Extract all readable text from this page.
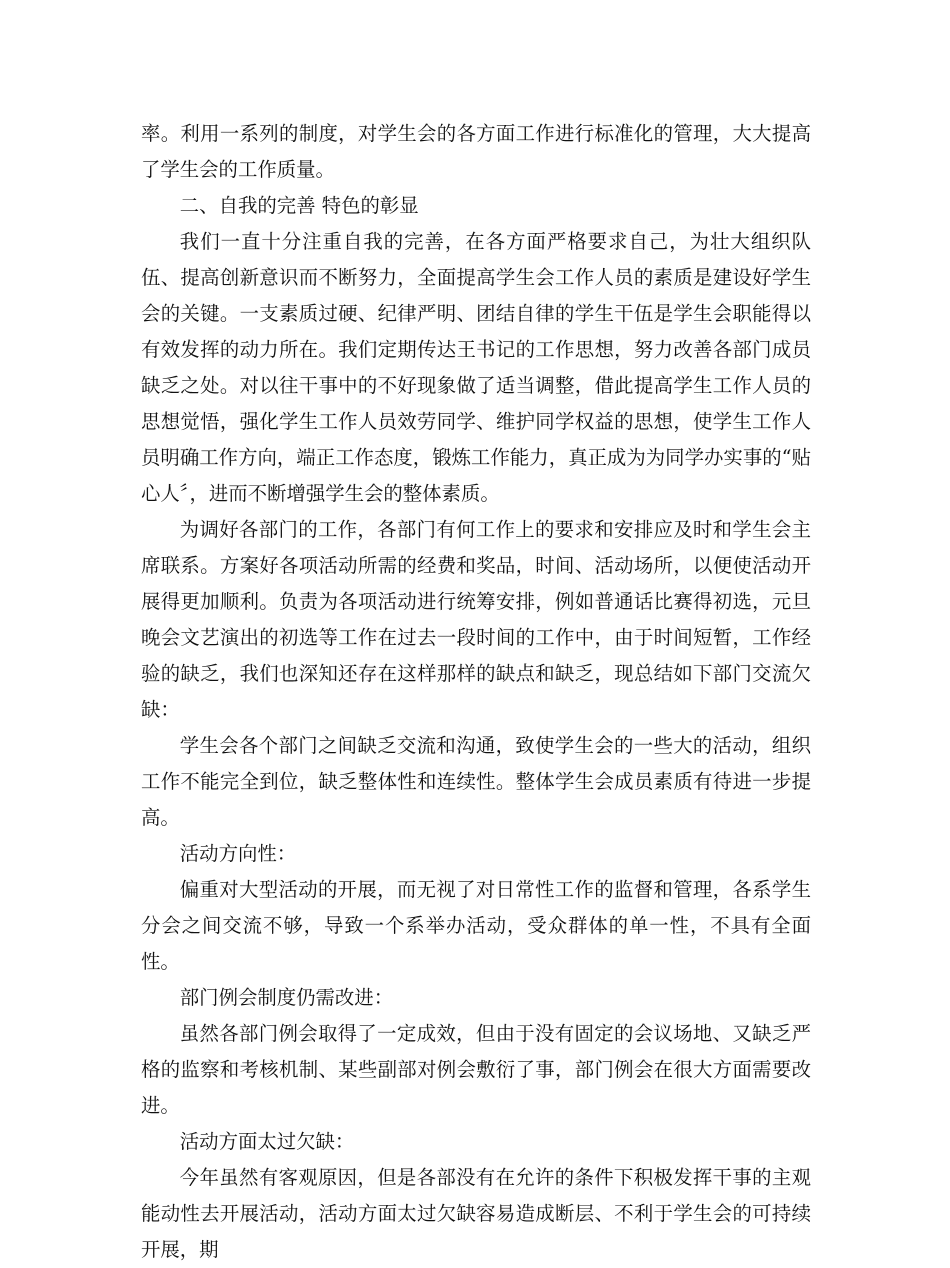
率。利用一系列的制度，对学生会的各方面工作进行标准化的管理，大大提高了学生会的工作质量。

二、自我的完善 特色的彰显

我们一直十分注重自我的完善，在各方面严格要求自己，为壮大组织队伍、提高创新意识而不断努力，全面提高学生会工作人员的素质是建设好学生会的关键。一支素质过硬、纪律严明、团结自律的学生干伍是学生会职能得以有效发挥的动力所在。我们定期传达王书记的工作思想，努力改善各部门成员缺乏之处。对以往干事中的不好现象做了适当调整，借此提高学生工作人员的思想觉悟，强化学生工作人员效劳同学、维护同学权益的思想，使学生工作人员明确工作方向，端正工作态度，锻炼工作能力，真正成为为同学办实事的“贴心人〞，进而不断增强学生会的整体素质。

为调好各部门的工作，各部门有何工作上的要求和安排应及时和学生会主席联系。方案好各项活动所需的经费和奖品，时间、活动场所，以便使活动开展得更加顺利。负责为各项活动进行统筹安排，例如普通话比赛得初选，元旦晚会文艺演出的初选等工作在过去一段时间的工作中，由于时间短暂，工作经验的缺乏，我们也深知还存在这样那样的缺点和缺乏，现总结如下部门交流欠缺：

学生会各个部门之间缺乏交流和沟通，致使学生会的一些大的活动，组织工作不能完全到位，缺乏整体性和连续性。整体学生会成员素质有待进一步提高。

活动方向性：

偏重对大型活动的开展，而无视了对日常性工作的监督和管理，各系学生分会之间交流不够，导致一个系举办活动，受众群体的单一性，不具有全面性。

部门例会制度仍需改进：

虽然各部门例会取得了一定成效，但由于没有固定的会议场地、又缺乏严格的监察和考核机制、某些副部对例会敷衍了事，部门例会在很大方面需要改进。

活动方面太过欠缺：

今年虽然有客观原因，但是各部没有在允许的条件下积极发挥干事的主观能动性去开展活动，活动方面太过欠缺容易造成断层、不利于学生会的可持续开展，期
